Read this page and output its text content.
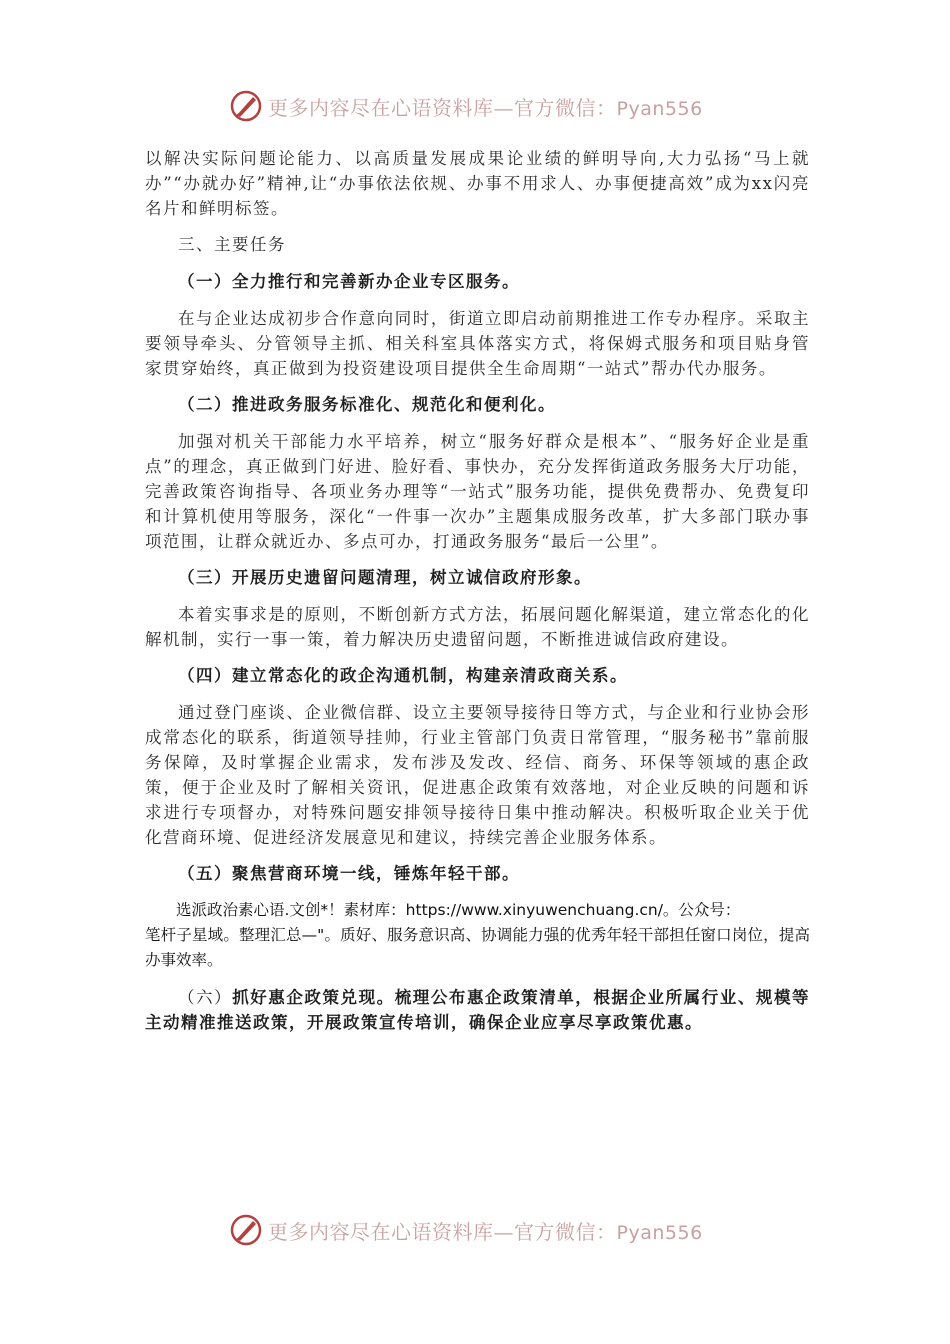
更多内容尽在心语资料库—官方微信：Pyan556

以解决实际问题论能力、以高质量发展成果论业绩的鲜明导向,大力弘扬“马上就办”“办就办好”精神,让“办事依法依规、办事不用求人、办事便捷高效”成为xx闪亮名片和鲜明标签。

三、主要任务

（一）全力推行和完善新办企业专区服务。

在与企业达成初步合作意向同时，街道立即启动前期推进工作专办程序。采取主要领导牵头、分管领导主抓、相关科室具体落实方式，将保姆式服务和项目贴身管家贯穿始终，真正做到为投资建设项目提供全生命周期“一站式”帮办代办服务。

（二）推进政务服务标准化、规范化和便利化。

加强对机关干部能力水平培养，树立“服务好群众是根本”、“服务好企业是重点”的理念，真正做到门好进、脸好看、事快办，充分发挥街道政务服务大厅功能，完善政策咨询指导、各项业务办理等“一站式”服务功能，提供免费帮办、免费复印和计算机使用等服务，深化“一件事一次办”主题集成服务改革，扩大多部门联办事项范围，让群众就近办、多点可办，打通政务服务“最后一公里”。

（三）开展历史遗留问题清理，树立诚信政府形象。

本着实事求是的原则，不断创新方式方法，拓展问题化解渠道，建立常态化的化解机制，实行一事一策，着力解决历史遗留问题，不断推进诚信政府建设。

（四）建立常态化的政企沟通机制，构建亲清政商关系。

通过登门座谈、企业微信群、设立主要领导接待日等方式，与企业和行业协会形成常态化的联系，街道领导挂帅，行业主管部门负责日常管理，“服务秘书”靠前服务保障，及时掌握企业需求，发布涉及发改、经信、商务、环保等领域的惠企政策，便于企业及时了解相关资讯，促进惠企政策有效落地，对企业反映的问题和诉求进行专项督办，对特殊问题安排领导接待日集中推动解决。积极听取企业关于优化营商环境、促进经济发展意见和建议，持续完善企业服务体系。

（五）聚焦营商环境一线，锤炼年轻干部。

选派政治素心语.文创*！素材库：https://www.xinyuwenchuang.cn/。公众号：

笔杆子星域。整理汇总—"。质好、服务意识高、协调能力强的优秀年轻干部担任窗口岗位，提高办事效率。

（六）抓好惠企政策兑现。梳理公布惠企政策清单，根据企业所属行业、规模等主动精准推送政策，开展政策宣传培训，确保企业应享尽享政策优惠。

更多内容尽在心语资料库—官方微信：Pyan556
